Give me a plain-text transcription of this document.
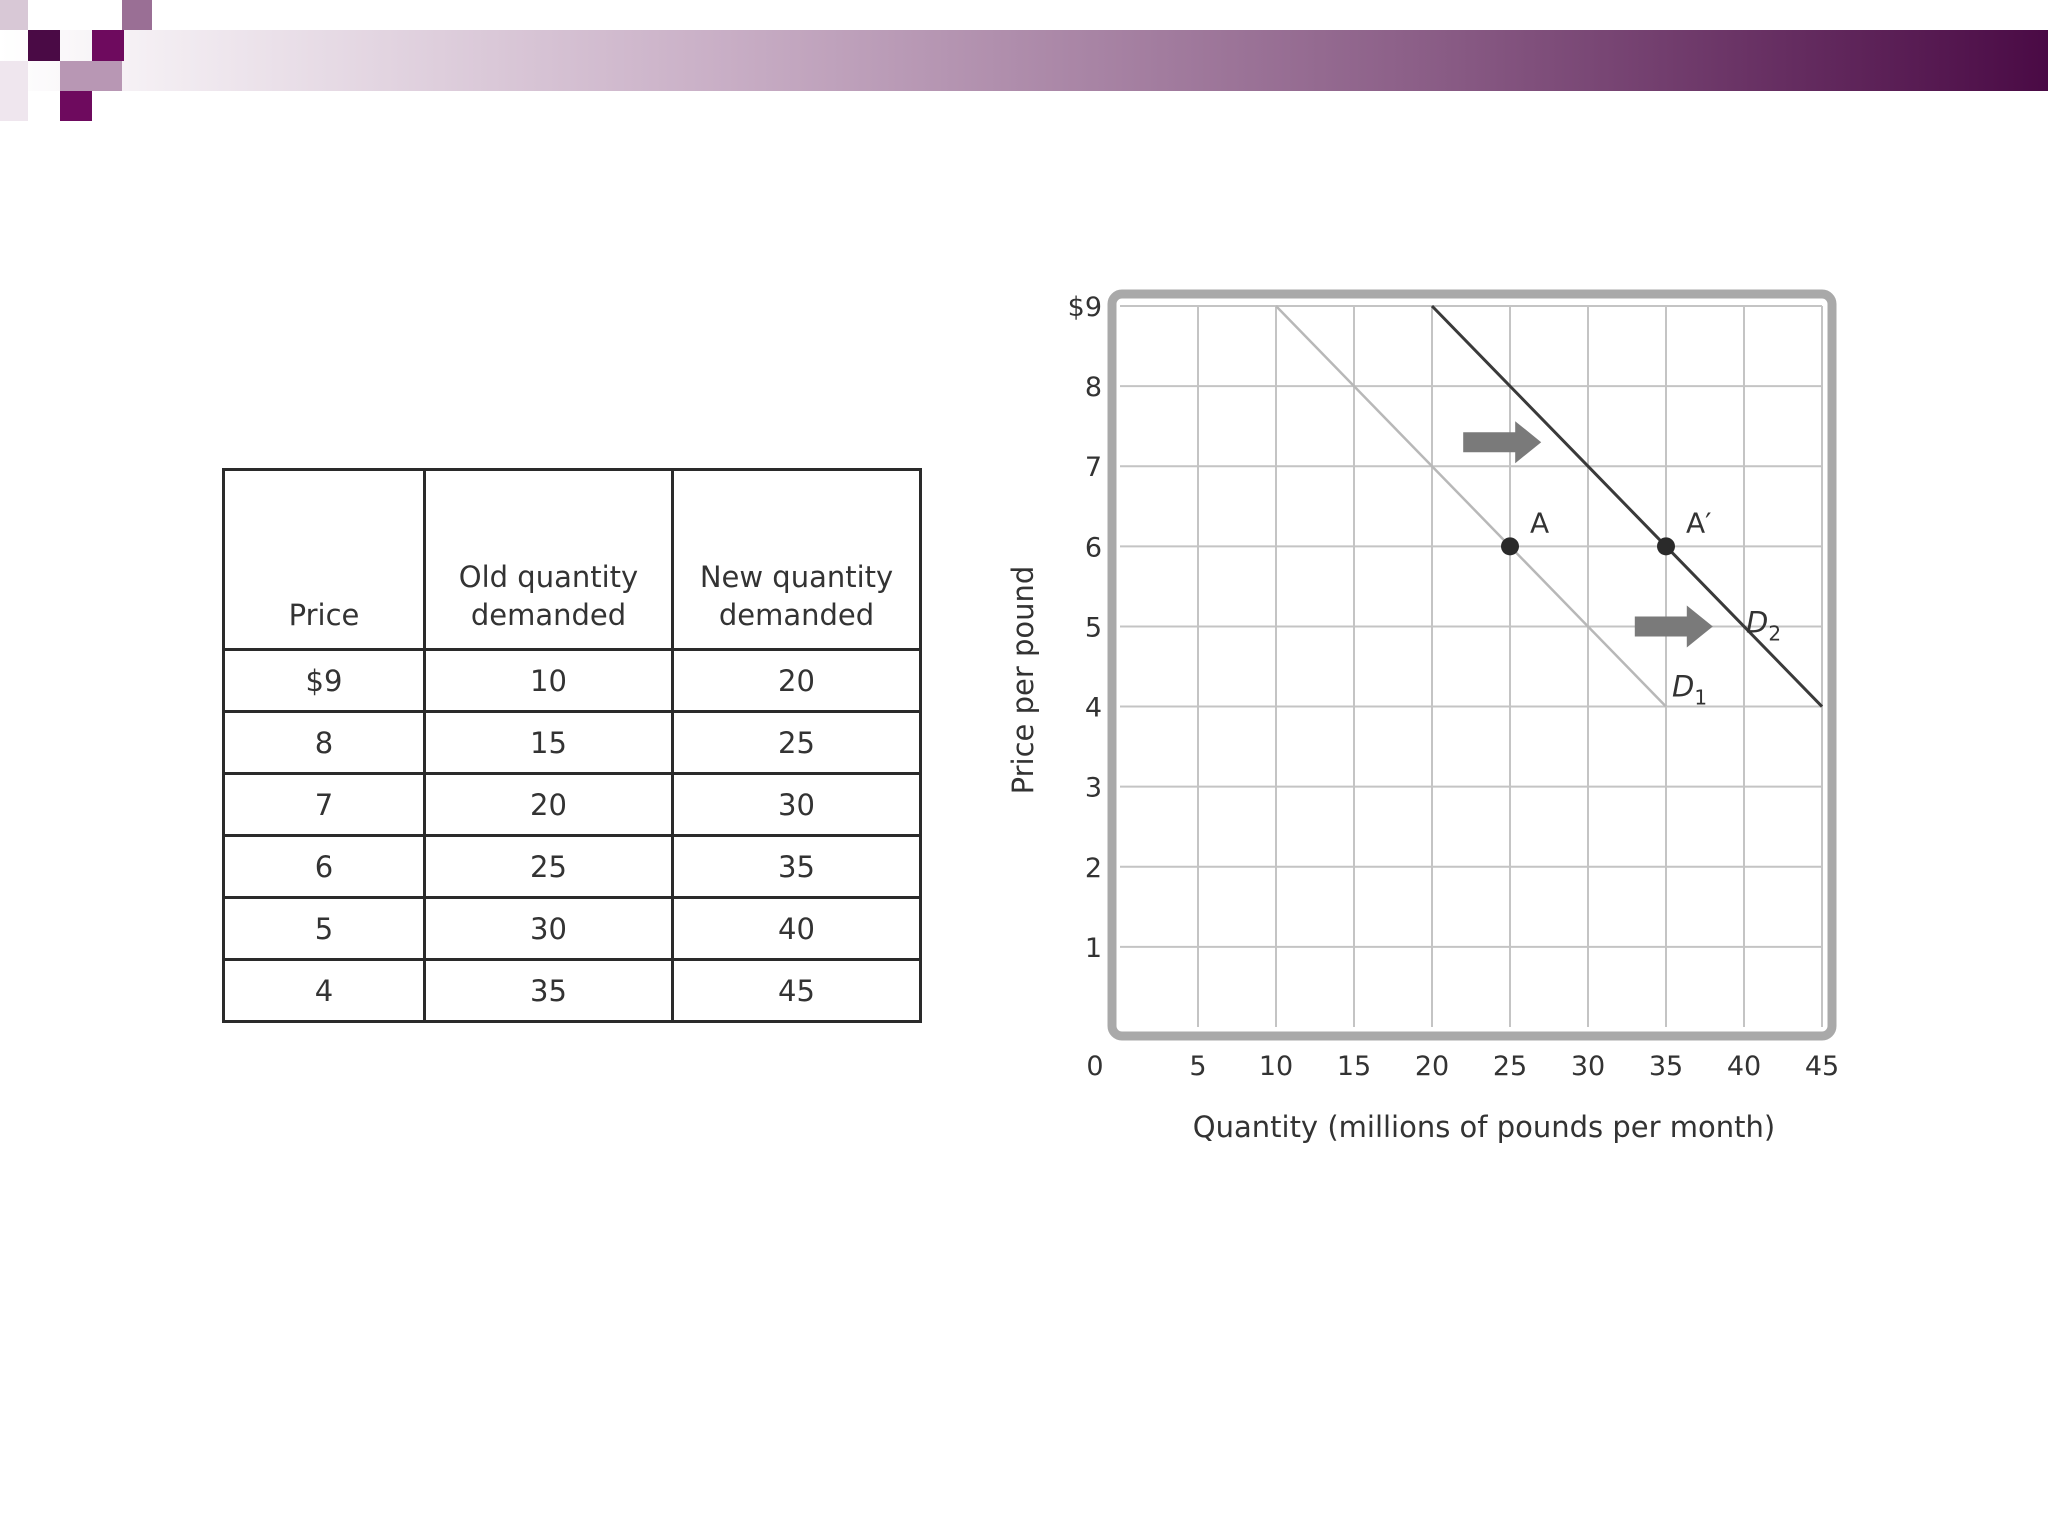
Price	Old quantity demanded	New quantity demanded
$9	10	20
8	15	25
7	20	30
6	25	35
5	30	40
4	35	45
$D_1$
$D_2$
A	A′
0	5 10 15 20 25 30 35 40 45
1
2
3
4
5
6
7
8
$9
Quantity (millions of pounds per month)
Price per pound
